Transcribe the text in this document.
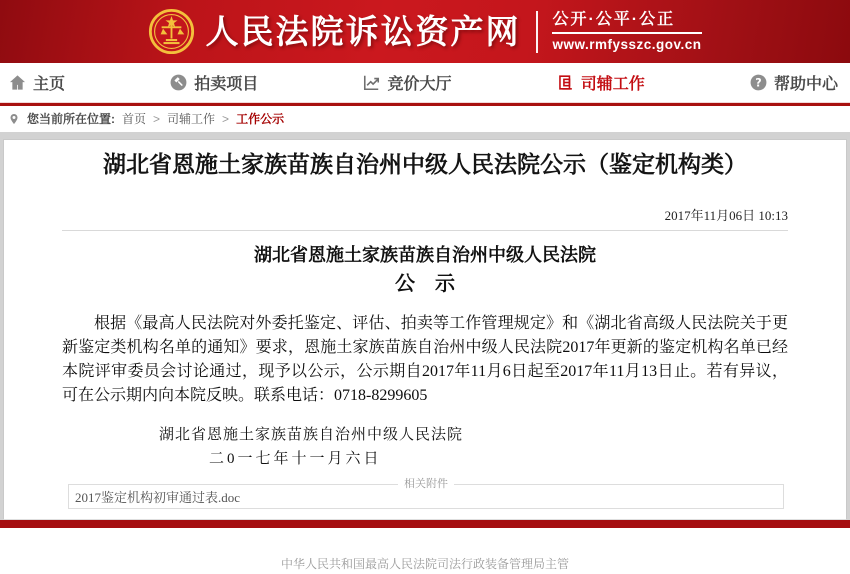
人民法院诉讼资产网 公开·公平·公正
www.rmfysszc.gov.cn
主页	拍卖项目	竞价大厅	司辅工作	? 帮助中心
您当前所在位置: 首页 > 司辅工作 > 工作公示
湖北省恩施土家族苗族自治州中级人民法院公示（鉴定机构类）
2017年11月06日 10:13
湖北省恩施土家族苗族自治州中级人民法院
公　示

根据《最高人民法院对外委托鉴定、评估、拍卖等工作管理规定》和《湖北省高级人民法院关于更新鉴定类机构名单的通知》要求，恩施土家族苗族自治州中级人民法院2017年更新的鉴定机构名单已经本院评审委员会讨论通过，现予以公示，公示期自2017年11月6日起至2017年11月13日止。若有异议，可在公示期内向本院反映。联系电话：0718-8299605

湖北省恩施土家族苗族自治州中级人民法院
二0一七年十一月六日
相关附件
2017鉴定机构初审通过表.doc
中华人民共和国最高人民法院司法行政装备管理局主管
